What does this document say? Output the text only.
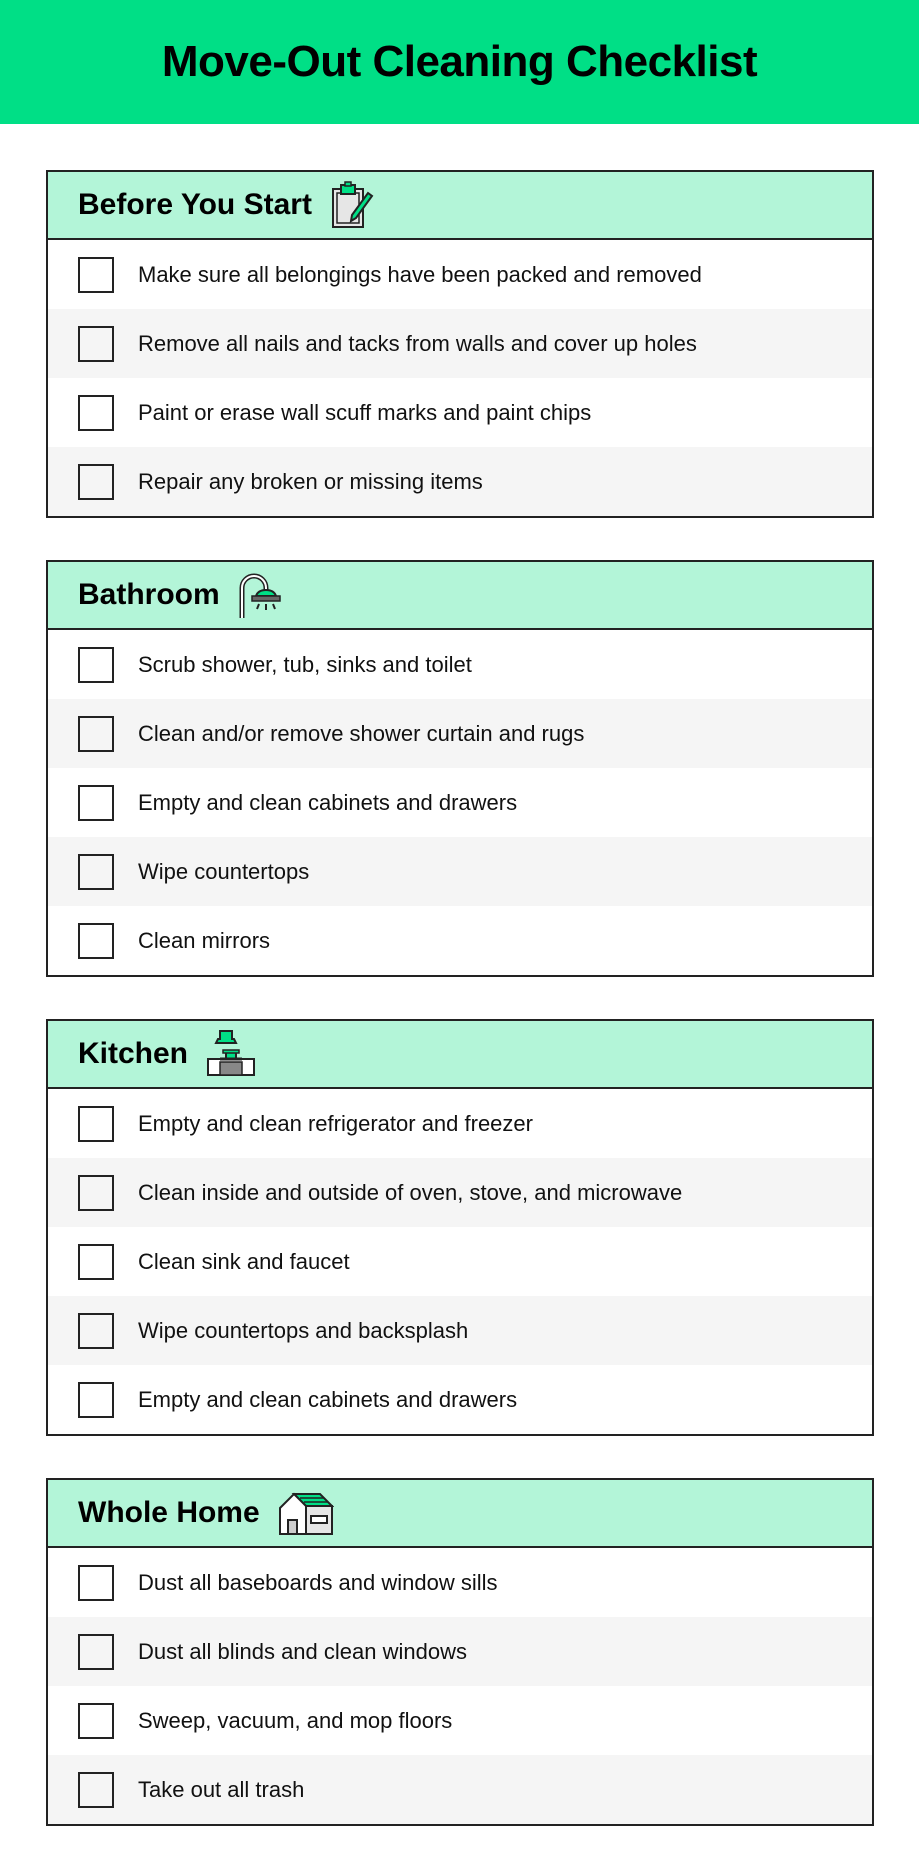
Move-Out Cleaning Checklist
Before You Start
Make sure all belongings have been packed and removed
Remove all nails and tacks from walls and cover up holes
Paint or erase wall scuff marks and paint chips
Repair any broken or missing items
Bathroom
Scrub shower, tub, sinks and toilet
Clean and/or remove shower curtain and rugs
Empty and clean cabinets and drawers
Wipe countertops
Clean mirrors
Kitchen
Empty and clean refrigerator and freezer
Clean inside and outside of oven, stove, and microwave
Clean sink and faucet
Wipe countertops and backsplash
Empty and clean cabinets and drawers
Whole Home
Dust all baseboards and window sills
Dust all blinds and clean windows
Sweep, vacuum, and mop floors
Take out all trash
